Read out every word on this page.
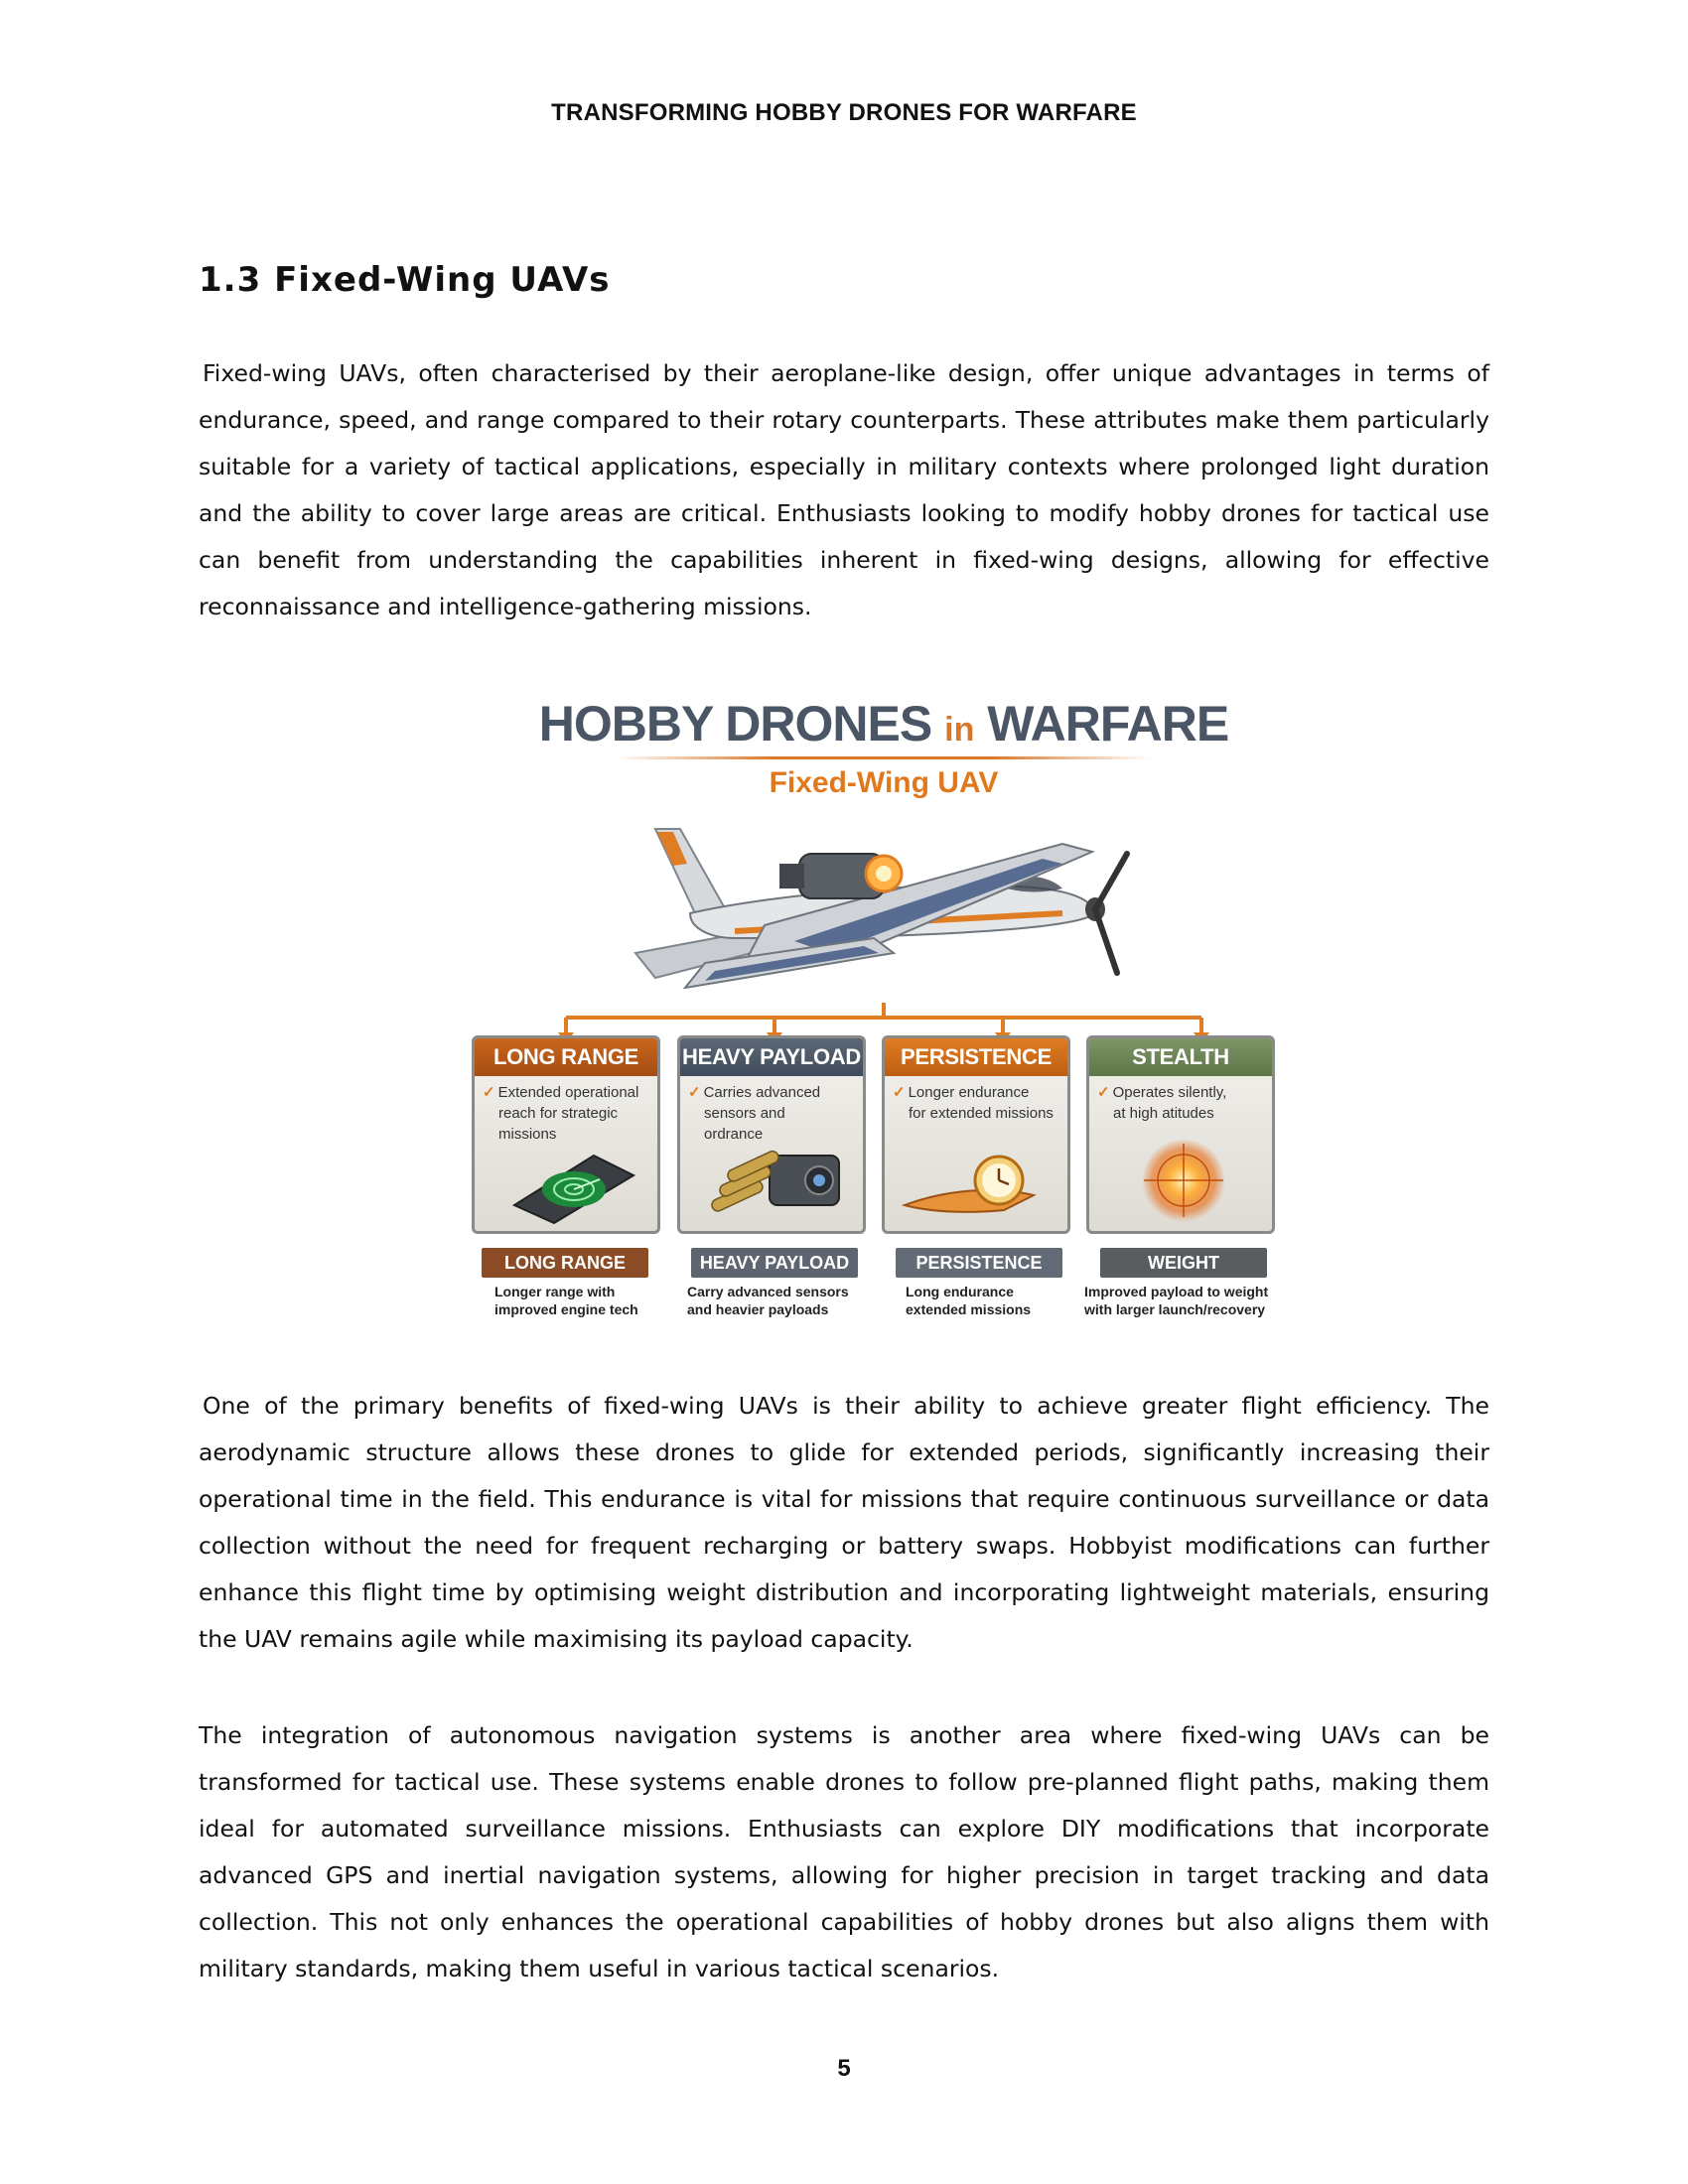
TRANSFORMING HOBBY DRONES FOR WARFARE
1.3 Fixed-Wing UAVs

Fixed-wing UAVs, often characterised by their aeroplane-like design, offer unique advantages in terms of endurance, speed, and range compared to their rotary counterparts. These attributes make them particularly suitable for a variety of tactical applications, especially in military contexts where prolonged light duration and the ability to cover large areas are critical. Enthusiasts looking to modify hobby drones for tactical use can benefit from understanding the capabilities inherent in fixed-wing designs, allowing for effective reconnaissance and intelligence-gathering missions.

HOBBY DRONES in WARFARE
Fixed-Wing UAV
LONG RANGE
✓ Extended operational
reach for strategic
missions
HEAVY PAYLOAD
✓ Carries advanced
sensors and
ordrance
PERSISTENCE
✓ Longer endurance
for extended missions
STEALTH
✓ Operates silently,
at high atitudes
LONG RANGE	HEAVY PAYLOAD	PERSISTENCE	WEIGHT
Longer range with
improved engine tech
Carry advanced sensors
and heavier payloads
Long endurance
extended missions
Improved payload to weight
with larger launch/recovery

One of the primary benefits of fixed-wing UAVs is their ability to achieve greater flight efficiency. The aerodynamic structure allows these drones to glide for extended periods, significantly increasing their operational time in the field. This endurance is vital for missions that require continuous surveillance or data collection without the need for frequent recharging or battery swaps. Hobbyist modifications can further enhance this flight time by optimising weight distribution and incorporating lightweight materials, ensuring the UAV remains agile while maximising its payload capacity.

The integration of autonomous navigation systems is another area where fixed-wing UAVs can be transformed for tactical use. These systems enable drones to follow pre-planned flight paths, making them ideal for automated surveillance missions. Enthusiasts can explore DIY modifications that incorporate advanced GPS and inertial navigation systems, allowing for higher precision in target tracking and data collection. This not only enhances the operational capabilities of hobby drones but also aligns them with military standards, making them useful in various tactical scenarios.

5
